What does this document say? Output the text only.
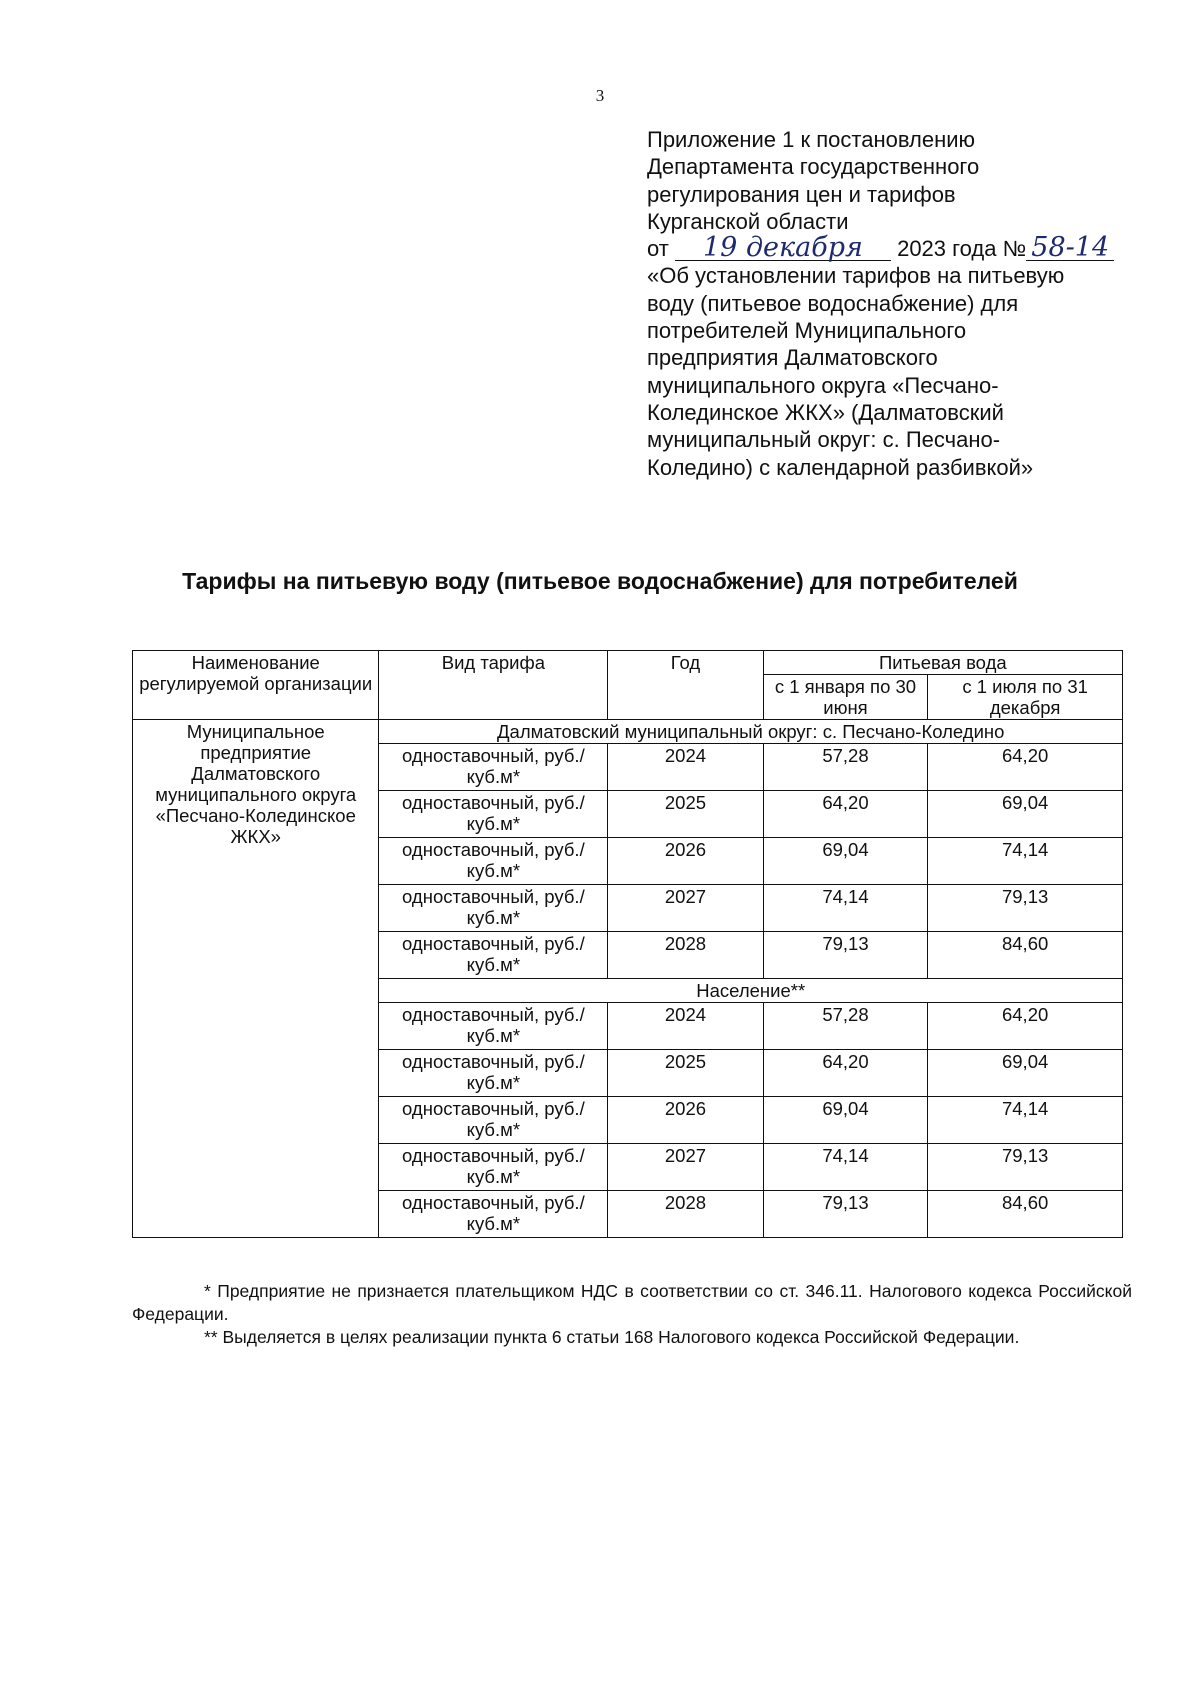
3
Приложение 1 к постановлению
Департамента государственного
регулирования цен и тарифов
Курганской области
от 19 декабря 2023 года № 58-14
«Об установлении тарифов на питьевую
воду (питьевое водоснабжение) для
потребителей Муниципального
предприятия Далматовского
муниципального округа «Песчано-
Колединское ЖКХ» (Далматовский
муниципальный округ: с. Песчано-
Коледино) с календарной разбивкой»
Тарифы на питьевую воду (питьевое водоснабжение) для потребителей
Наименование регулируемой организации	Вид тарифа	Год	Питьевая вода	
			с 1 января по 30 июня	с 1 июля по 31 декабря
Муниципальное предприятие Далматовского муниципального округа «Песчано-Колединское ЖКХ»	Далматовский муниципальный округ: с. Песчано-Коледино			
	одноставочный, руб./куб.м*	2024	57,28	64,20
	одноставочный, руб./куб.м*	2025	64,20	69,04
	одноставочный, руб./куб.м*	2026	69,04	74,14
	одноставочный, руб./куб.м*	2027	74,14	79,13
	одноставочный, руб./куб.м*	2028	79,13	84,60
	Население**			
	одноставочный, руб./куб.м*	2024	57,28	64,20
	одноставочный, руб./куб.м*	2025	64,20	69,04
	одноставочный, руб./куб.м*	2026	69,04	74,14
	одноставочный, руб./куб.м*	2027	74,14	79,13
	одноставочный, руб./куб.м*	2028	79,13	84,60

* Предприятие не признается плательщиком НДС в соответствии со ст. 346.11. Налогового кодекса Российской Федерации.

** Выделяется в целях реализации пункта 6 статьи 168 Налогового кодекса Российской Федерации.
